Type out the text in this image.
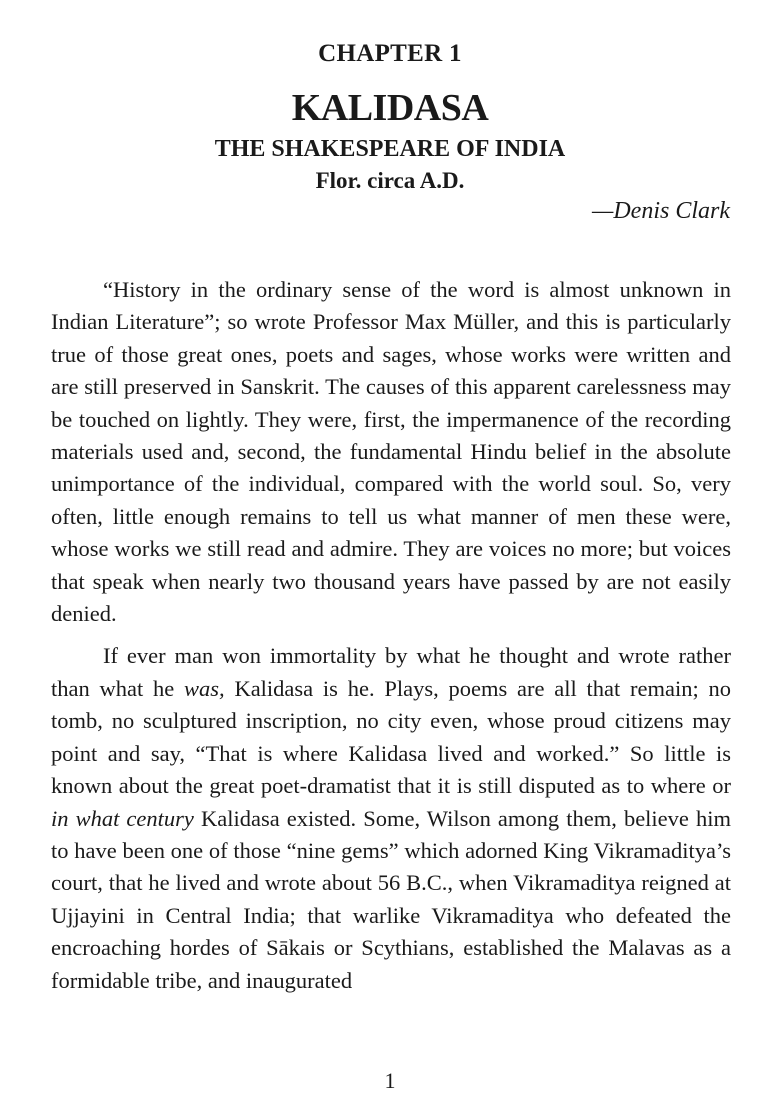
CHAPTER 1
KALIDASA
THE SHAKESPEARE OF INDIA
Flor. circa A.D.
—Denis Clark

“History in the ordinary sense of the word is almost unknown in Indian Literature”; so wrote Professor Max Müller, and this is particularly true of those great ones, poets and sages, whose works were written and are still preserved in Sanskrit. The causes of this apparent carelessness may be touched on lightly. They were, first, the impermanence of the recording materials used and, second, the fundamental Hindu belief in the absolute unimportance of the individual, compared with the world soul. So, very often, little enough remains to tell us what manner of men these were, whose works we still read and admire. They are voices no more; but voices that speak when nearly two thousand years have passed by are not easily denied.

If ever man won immortality by what he thought and wrote rather than what he was, Kalidasa is he. Plays, poems are all that remain; no tomb, no sculptured inscription, no city even, whose proud citizens may point and say, “That is where Kalidasa lived and worked.” So little is known about the great poet-dramatist that it is still disputed as to where or in what century Kalidasa existed. Some, Wilson among them, believe him to have been one of those “nine gems” which adorned King Vikramaditya’s court, that he lived and wrote about 56 B.C., when Vikramaditya reigned at Ujjayini in Central India; that warlike Vikramaditya who defeated the encroaching hordes of Sākais or Scythians, established the Malavas as a formidable tribe, and inaugurated

1
